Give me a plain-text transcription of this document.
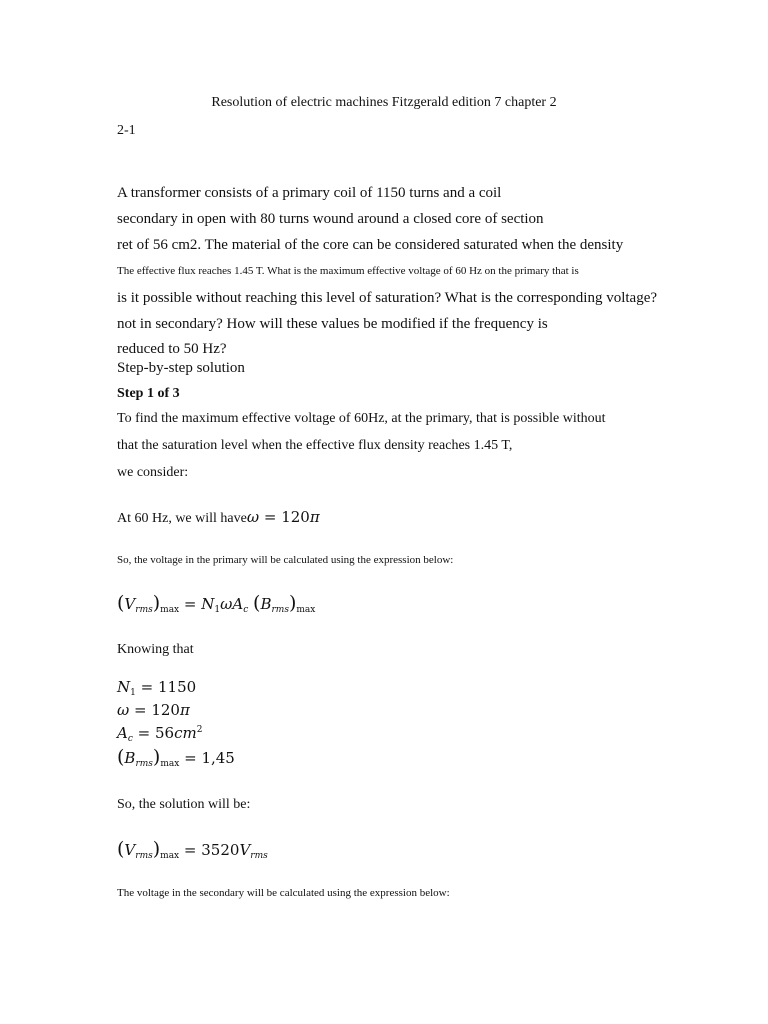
Resolution of electric machines Fitzgerald edition 7 chapter 2
2-1
A transformer consists of a primary coil of 1150 turns and a coil
secondary in open with 80 turns wound around a closed core of section
ret of 56 cm2. The material of the core can be considered saturated when the density
The effective flux reaches 1.45 T. What is the maximum effective voltage of 60 Hz on the primary that is
is it possible without reaching this level of saturation? What is the corresponding voltage?
not in secondary? How will these values be modified if the frequency is
reduced to 50 Hz?
Step-by-step solution
Step 1 of 3
To find the maximum effective voltage of 60Hz, at the primary, that is possible without
that the saturation level when the effective flux density reaches 1.45 T,
we consider:
At 60 Hz, we will haveω = 120π
So, the voltage in the primary will be calculated using the expression below:
$(V_{rms})_{max} = N_1\omega A_c$ $(B_{rms})_{max}$
Knowing that
$N_1 = 1150$
ω = 120π
$A_c = 56cm^2$
$(B_{rms})_{max} = 1,45$
So, the solution will be:
$(V_{rms})_{max} = 3520V_{rms}$
The voltage in the secondary will be calculated using the expression below:
